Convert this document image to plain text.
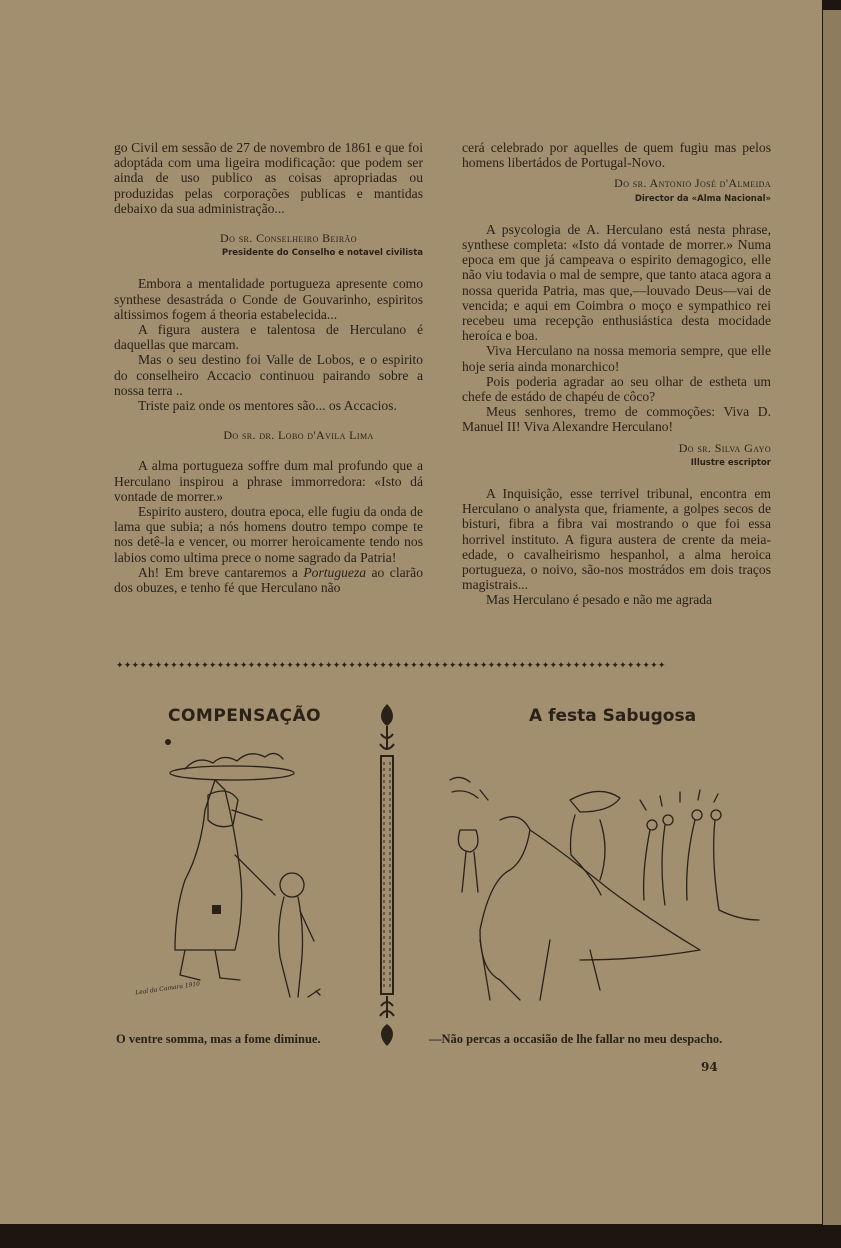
go Civil em sessão de 27 de novembro de 1861 e que foi adoptáda com uma ligeira modificação: que podem ser ainda de uso publico as coisas apropriadas ou produzidas pelas corporações publicas e mantidas debaixo da sua administração...

Do sr. Conselheiro Beirão

Presidente do Conselho e notavel civilista

Embora a mentalidade portugueza apresente como synthese desastráda o Conde de Gouvarinho, espiritos altissimos fogem á theoria estabelecida...

A figura austera e talentosa de Herculano é daquellas que marcam.

Mas o seu destino foi Valle de Lobos, e o espirito do conselheiro Accacio continuou pairando sobre a nossa terra ..

Triste paiz onde os mentores são... os Accacios.

Do sr. dr. Lobo d'Avila Lima

A alma portugueza soffre dum mal profundo que a Herculano inspirou a phrase immorredora: «Isto dá vontade de morrer.»

Espirito austero, doutra epoca, elle fugiu da onda de lama que subia; a nós homens doutro tempo compe te nos detê-la e vencer, ou morrer heroicamente tendo nos labios como ultima prece o nome sagrado da Patria!

Ah! Em breve cantaremos a Portugueza ao clarão dos obuzes, e tenho fé que Herculano não

cerá celebrado por aquelles de quem fugiu mas pelos homens libertádos de Portugal-Novo.

Do sr. Antonio José d'Almeida

Director da «Alma Nacional»

A psycologia de A. Herculano está nesta phrase, synthese completa: «Isto dá vontade de morrer.» Numa epoca em que já campeava o espirito demagogico, elle não viu todavia o mal de sempre, que tanto ataca agora a nossa querida Patria, mas que,—louvado Deus—vai de vencida; e aqui em Coimbra o moço e sympathico rei recebeu uma recepção enthusiástica desta mocidade heroíca e boa.

Viva Herculano na nossa memoria sempre, que elle hoje seria ainda monarchico!

Pois poderia agradar ao seu olhar de estheta um chefe de estádo de chapéu de côco?

Meus senhores, tremo de commoções: Viva D. Manuel II! Viva Alexandre Herculano!

Do sr. Silva Gayo

Illustre escriptor

A Inquisição, esse terrivel tribunal, encontra em Herculano o analysta que, friamente, a golpes secos de bisturi, fibra a fibra vai mostrando o que foi essa horrivel instituto. A figura austera de crente da meia-edade, o cavalheirismo hespanhol, a alma heroica portugueza, o noivo, são-nos mostrádos em dois traços magistrais...

Mas Herculano é pesado e não me agrada

✦✦✦✦✦✦✦✦✦✦✦✦✦✦✦✦✦✦✦✦✦✦✦✦✦✦✦✦✦✦✦✦✦✦✦✦✦✦✦✦✦✦✦✦✦✦✦✦✦✦✦✦✦✦✦✦✦✦✦✦✦✦✦✦✦✦✦✦✦✦✦
COMPENSAÇÃO	A festa Sabugosa
Leal da Camara 1910
O ventre somma, mas a fome diminue.	—Não percas a occasião de lhe fallar no meu despacho.
94
